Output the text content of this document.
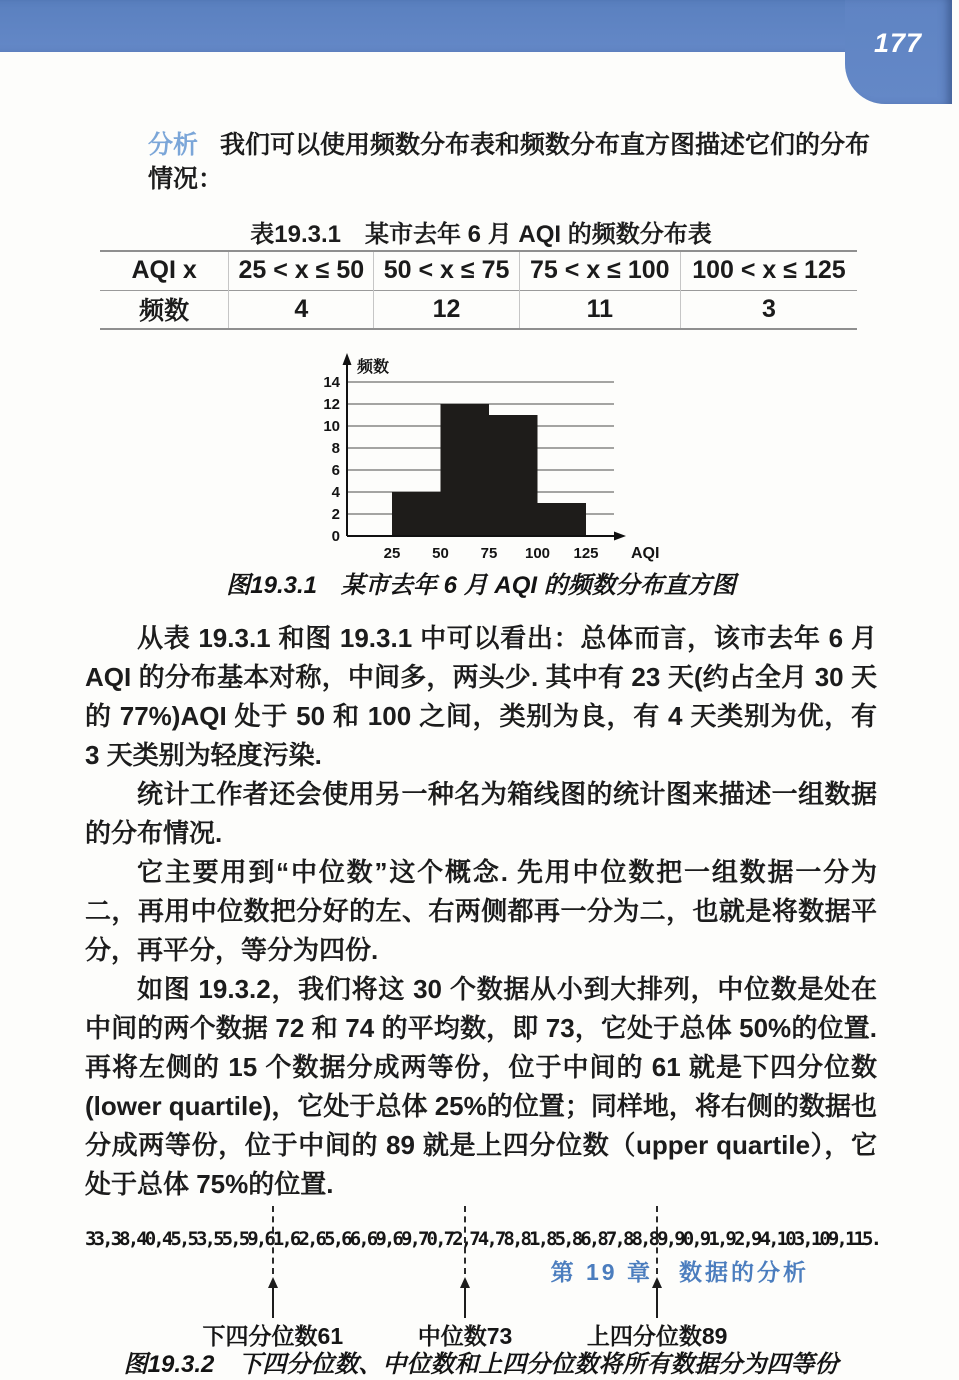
177
分析 我们可以使用频数分布表和频数分布直方图描述它们的分布情况：
表19.3.1　某市去年 6 月 AQI 的频数分布表
AQI x	25 < x ≤ 50	50 < x ≤ 75	75 < x ≤ 100	100 < x ≤ 125
频数	4	12	11	3
0
2
4
6
8
10
12
14
25 50 75 100 125
频数
AQI
图19.3.1　某市去年 6 月 AQI 的频数分布直方图

从表 19.3.1 和图 19.3.1 中可以看出：总体而言，该市去年 6 月 AQI 的分布基本对称，中间多，两头少. 其中有 23 天(约占全月 30 天的 77%)AQI 处于 50 和 100 之间，类别为良，有 4 天类别为优，有 3 天类别为轻度污染.

统计工作者还会使用另一种名为箱线图的统计图来描述一组数据的分布情况.

它主要用到“中位数”这个概念. 先用中位数把一组数据一分为二，再用中位数把分好的左、右两侧都再一分为二，也就是将数据平分，再平分，等分为四份.

如图 19.3.2，我们将这 30 个数据从小到大排列，中位数是处在中间的两个数据 72 和 74 的平均数，即 73，它处于总体 50%的位置. 再将左侧的 15 个数据分成两等份，位于中间的 61 就是下四分位数(lower quartile)，它处于总体 25%的位置；同样地，将右侧的数据也分成两等份，位于中间的 89 就是上四分位数（upper quartile），它处于总体 75%的位置.

33,38,40,45,53,55,59,61,62,65,66,69,69,70,72,74,78,81,85,86,87,88,89,90,91,92,94,103,109,115.
下四分位数61	中位数73	上四分位数89
图19.3.2　下四分位数、中位数和上四分位数将所有数据分为四等份
第 19 章　数据的分析
